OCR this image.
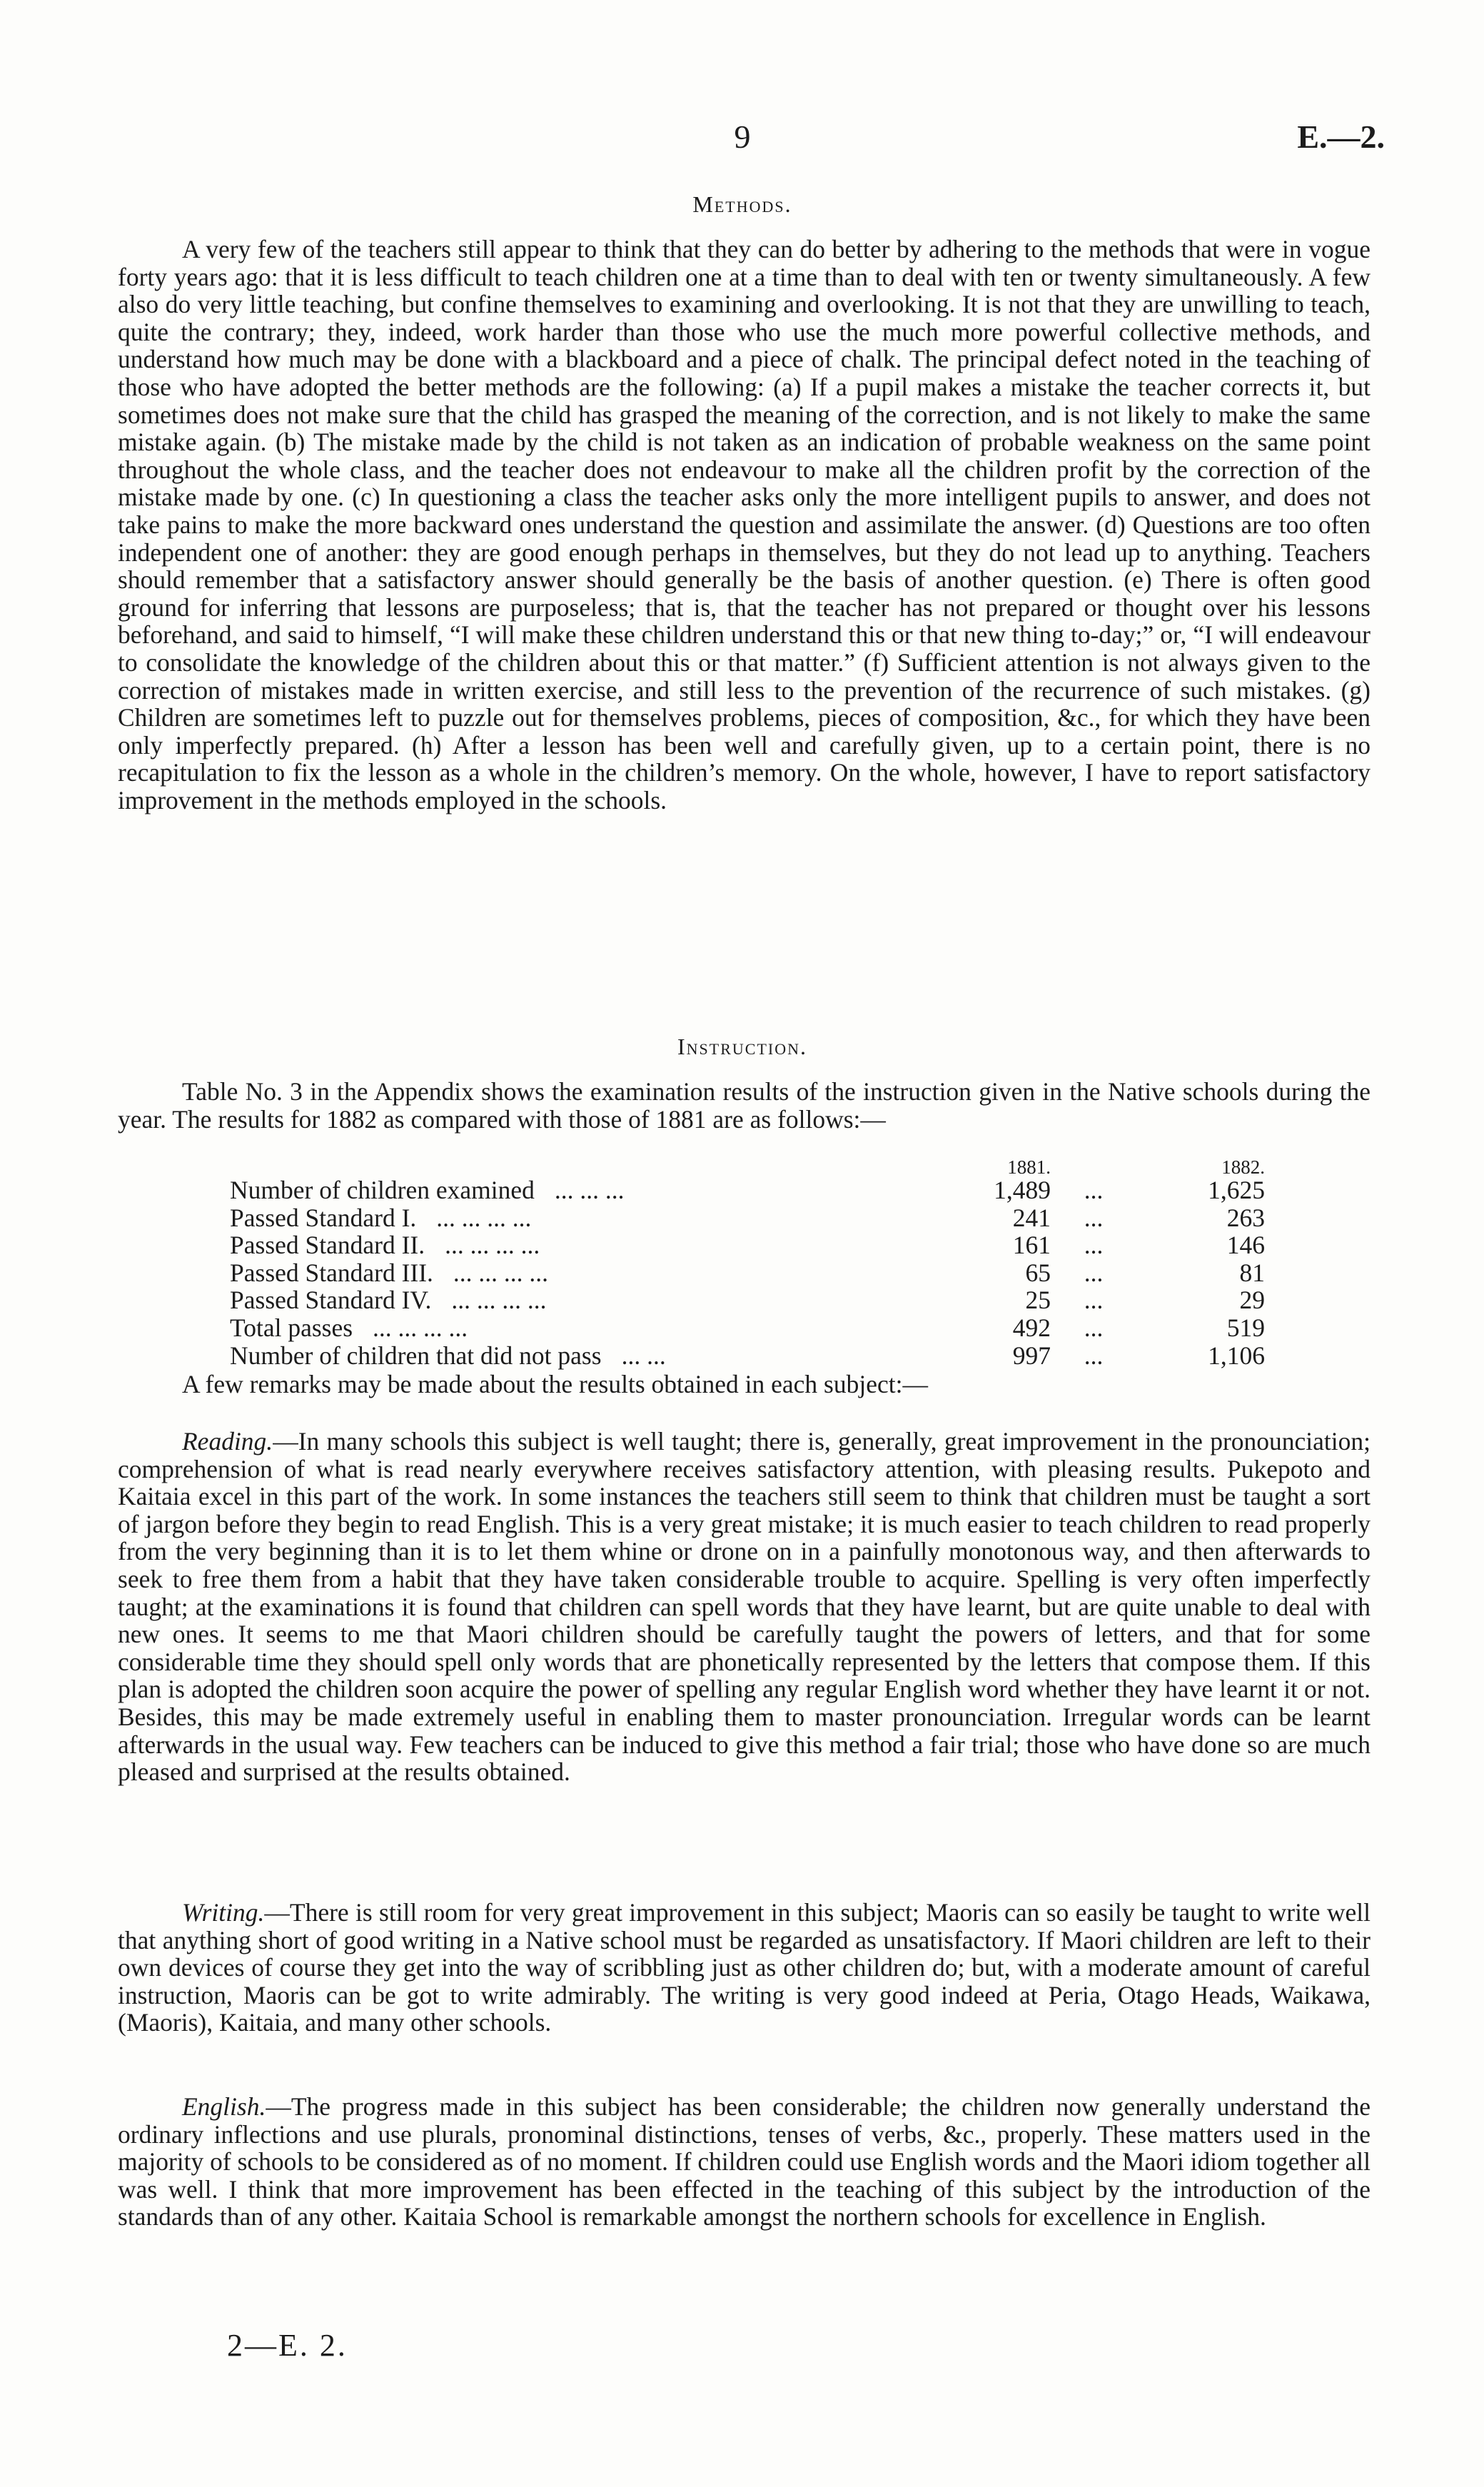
9	E.—2.
Methods.

A very few of the teachers still appear to think that they can do better by adhering to the methods that were in vogue forty years ago: that it is less difficult to teach children one at a time than to deal with ten or twenty simultaneously. A few also do very little teaching, but confine themselves to examining and overlooking. It is not that they are unwilling to teach, quite the contrary; they, indeed, work harder than those who use the much more powerful collective methods, and understand how much may be done with a blackboard and a piece of chalk. The principal defect noted in the teaching of those who have adopted the better methods are the following: (a) If a pupil makes a mistake the teacher corrects it, but sometimes does not make sure that the child has grasped the meaning of the correction, and is not likely to make the same mistake again. (b) The mistake made by the child is not taken as an indication of probable weakness on the same point throughout the whole class, and the teacher does not endeavour to make all the children profit by the correction of the mistake made by one. (c) In questioning a class the teacher asks only the more intelligent pupils to answer, and does not take pains to make the more backward ones understand the question and assimilate the answer. (d) Questions are too often independent one of another: they are good enough perhaps in themselves, but they do not lead up to anything. Teachers should remember that a satisfactory answer should generally be the basis of another question. (e) There is often good ground for inferring that lessons are purposeless; that is, that the teacher has not prepared or thought over his lessons beforehand, and said to himself, “I will make these children understand this or that new thing to-day;” or, “I will endeavour to consolidate the knowledge of the children about this or that matter.” (f) Sufficient attention is not always given to the correction of mistakes made in written exercise, and still less to the prevention of the recurrence of such mistakes. (g) Children are sometimes left to puzzle out for themselves problems, pieces of composition, &c., for which they have been only imperfectly prepared. (h) After a lesson has been well and carefully given, up to a certain point, there is no recapitulation to fix the lesson as a whole in the children’s memory. On the whole, however, I have to report satisfactory improvement in the methods employed in the schools.

Instruction.

Table No. 3 in the Appendix shows the examination results of the instruction given in the Native schools during the year. The results for 1882 as compared with those of 1881 are as follows:—

	1881.		1882.
Number of children examined ... ... ...	1,489	...	1,625
Passed Standard I. ... ... ... ...	241	...	263
Passed Standard II. ... ... ... ...	161	...	146
Passed Standard III. ... ... ... ...	65	...	81
Passed Standard IV. ... ... ... ...	25	...	29
Total passes ... ... ... ...	492	...	519
Number of children that did not pass ... ...	997	...	1,106

A few remarks may be made about the results obtained in each subject:—

Reading.—In many schools this subject is well taught; there is, generally, great improvement in the pronounciation; comprehension of what is read nearly everywhere receives satisfactory attention, with pleasing results. Pukepoto and Kaitaia excel in this part of the work. In some instances the teachers still seem to think that children must be taught a sort of jargon before they begin to read English. This is a very great mistake; it is much easier to teach children to read properly from the very beginning than it is to let them whine or drone on in a painfully monotonous way, and then afterwards to seek to free them from a habit that they have taken considerable trouble to acquire. Spelling is very often imperfectly taught; at the examinations it is found that children can spell words that they have learnt, but are quite unable to deal with new ones. It seems to me that Maori children should be carefully taught the powers of letters, and that for some considerable time they should spell only words that are phonetically represented by the letters that compose them. If this plan is adopted the children soon acquire the power of spelling any regular English word whether they have learnt it or not. Besides, this may be made extremely useful in enabling them to master pronounciation. Irregular words can be learnt afterwards in the usual way. Few teachers can be induced to give this method a fair trial; those who have done so are much pleased and surprised at the results obtained.

Writing.—There is still room for very great improvement in this subject; Maoris can so easily be taught to write well that anything short of good writing in a Native school must be regarded as unsatisfactory. If Maori children are left to their own devices of course they get into the way of scribbling just as other children do; but, with a moderate amount of careful instruction, Maoris can be got to write admirably. The writing is very good indeed at Peria, Otago Heads, Waikawa, (Maoris), Kaitaia, and many other schools.

English.—The progress made in this subject has been considerable; the children now generally understand the ordinary inflections and use plurals, pronominal distinctions, tenses of verbs, &c., properly. These matters used in the majority of schools to be considered as of no moment. If children could use English words and the Maori idiom together all was well. I think that more improvement has been effected in the teaching of this subject by the introduction of the standards than of any other. Kaitaia School is remarkable amongst the northern schools for excellence in English.

2—E. 2.
